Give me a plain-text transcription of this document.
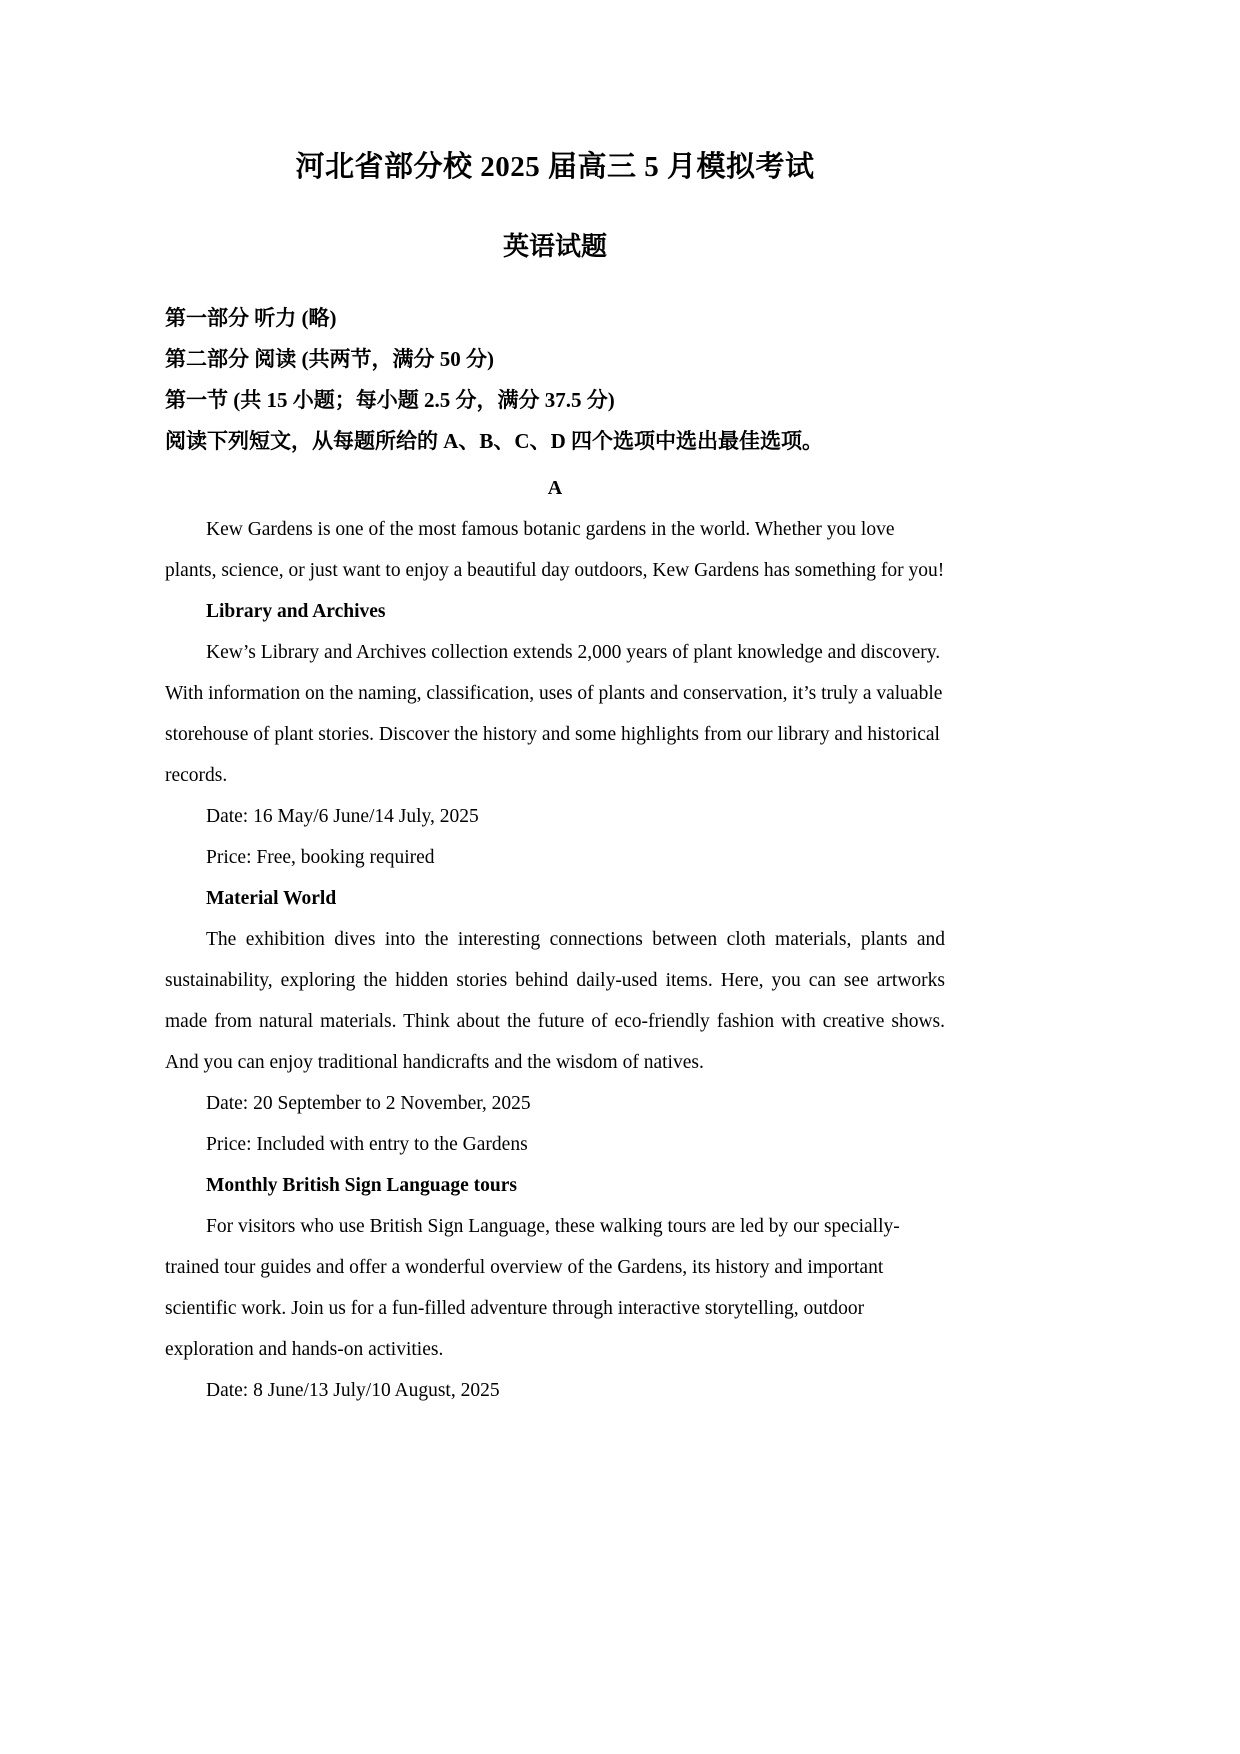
河北省部分校 2025 届高三 5 月模拟考试
英语试题

第一部分 听力 (略)

第二部分 阅读 (共两节，满分 50 分)

第一节 (共 15 小题；每小题 2.5 分，满分 37.5 分)

阅读下列短文，从每题所给的 A、B、C、D 四个选项中选出最佳选项。

A

Kew Gardens is one of the most famous botanic gardens in the world. Whether you love plants, science, or just want to enjoy a beautiful day outdoors, Kew Gardens has something for you!

Library and Archives

Kew’s Library and Archives collection extends 2,000 years of plant knowledge and discovery. With information on the naming, classification, uses of plants and conservation, it’s truly a valuable storehouse of plant stories. Discover the history and some highlights from our library and historical records.

Date: 16 May/6 June/14 July, 2025

Price: Free, booking required

Material World

The exhibition dives into the interesting connections between cloth materials, plants and sustainability, exploring the hidden stories behind daily-used items. Here, you can see artworks made from natural materials. Think about the future of eco-friendly fashion with creative shows. And you can enjoy traditional handicrafts and the wisdom of natives.

Date: 20 September to 2 November, 2025

Price: Included with entry to the Gardens

Monthly British Sign Language tours

For visitors who use British Sign Language, these walking tours are led by our specially-trained tour guides and offer a wonderful overview of the Gardens, its history and important scientific work. Join us for a fun-filled adventure through interactive storytelling, outdoor exploration and hands-on activities.

Date: 8 June/13 July/10 August, 2025
